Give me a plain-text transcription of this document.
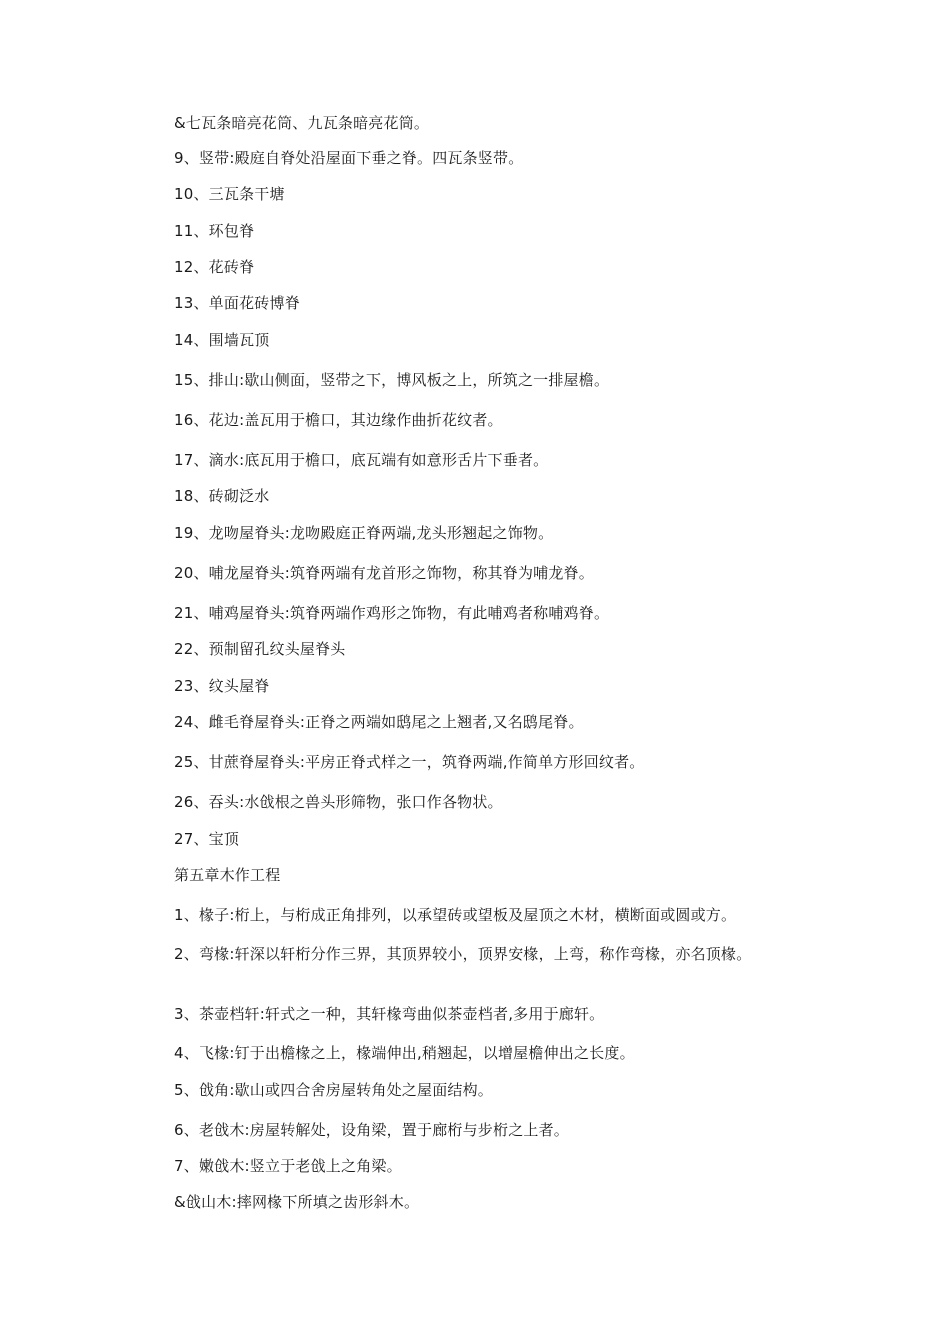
&七瓦条暗亮花筒、九瓦条暗亮花筒。
9、竖带:殿庭自脊处沿屋面下垂之脊。四瓦条竖带。
10、三瓦条干塘
11、环包脊
12、花砖脊
13、单面花砖博脊
14、围墙瓦顶
15、排山:歇山侧面，竖带之下，博风板之上，所筑之一排屋檐。
16、花边:盖瓦用于檐口，其边缘作曲折花纹者。
17、滴水:底瓦用于檐口，底瓦端有如意形舌片下垂者。
18、砖砌泛水
19、龙吻屋脊头:龙吻殿庭正脊两端,龙头形翘起之饰物。
20、哺龙屋脊头:筑脊两端有龙首形之饰物，称其脊为哺龙脊。
21、哺鸡屋脊头:筑脊两端作鸡形之饰物，有此哺鸡者称哺鸡脊。
22、预制留孔纹头屋脊头
23、纹头屋脊
24、雌毛脊屋脊头:正脊之两端如鸱尾之上翘者,又名鸱尾脊。
25、甘蔗脊屋脊头:平房正脊式样之一，筑脊两端,作简单方形回纹者。
26、吞头:水戗根之兽头形筛物，张口作各物状。
27、宝顶
第五章木作工程
1、椽子:桁上，与桁成正角排列，以承望砖或望板及屋顶之木材，横断面或圆或方。
2、弯椽:轩深以轩桁分作三界，其顶界较小，顶界安椽，上弯，称作弯椽，亦名顶椽。
3、茶壶档轩:轩式之一种，其轩椽弯曲似茶壶档者,多用于廊轩。
4、飞椽:钉于出檐椽之上，椽端伸出,稍翘起，以增屋檐伸出之长度。
5、戗角:歇山或四合舍房屋转角处之屋面结构。
6、老戗木:房屋转解处，设角梁，置于廊桁与步桁之上者。
7、嫩戗木:竖立于老戗上之角梁。
&戗山木:摔网椽下所填之齿形斜木。
